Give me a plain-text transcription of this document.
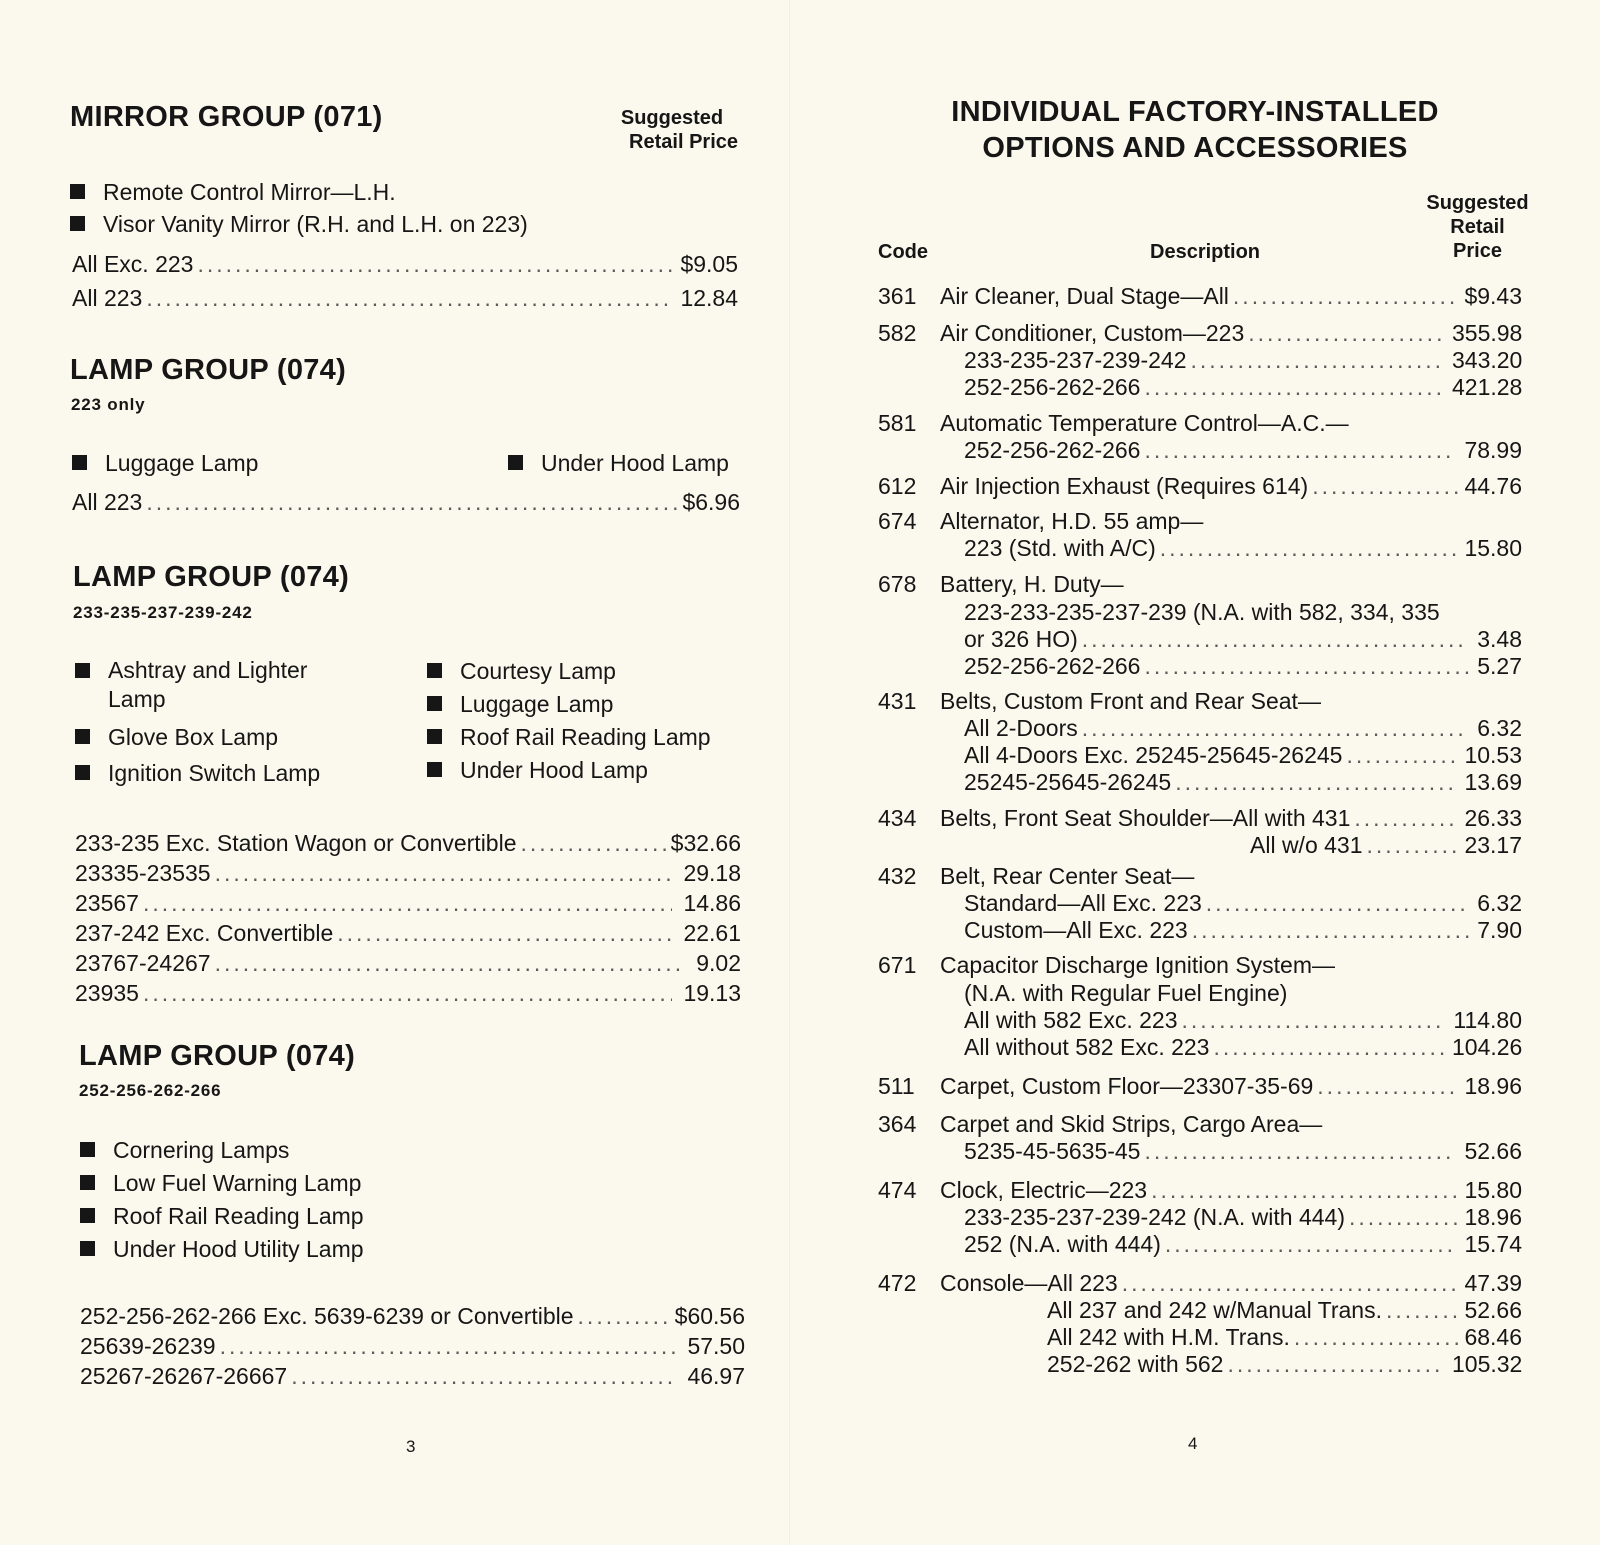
MIRROR GROUP (071)	Suggested
Retail Price
Remote Control Mirror—L.H.
Visor Vanity Mirror (R.H. and L.H. on 223)
All Exc. 223 .....	$ 9.05
All 223 .....	12.84
LAMP GROUP (074)
223 only
Luggage Lamp	Under Hood Lamp
All 223 .....	$ 6.96
LAMP GROUP (074)
233-235-237-239-242
Ashtray and Lighter Lamp
Glove Box Lamp
Ignition Switch Lamp
Courtesy Lamp
Luggage Lamp
Roof Rail Reading Lamp
Under Hood Lamp
233-235 Exc. Station Wagon or Convertible .....	$ 32.66
23335-23535 .....	29.18
23567 .....	14.86
237-242 Exc. Convertible .....	22.61
23767-24267 .....	9.02
23935 .....	19.13
LAMP GROUP (074)
252-256-262-266
Cornering Lamps
Low Fuel Warning Lamp
Roof Rail Reading Lamp
Under Hood Utility Lamp
252-256-262-266 Exc. 5639-6239 or Convertible .....	$ 60.56
25639-26239 .....	57.50
25267-26267-26667 .....	46.97
3
INDIVIDUAL FACTORY-INSTALLED
OPTIONS AND ACCESSORIES
Code	Description
Suggested
Retail
Price
361	Air Cleaner, Dual Stage—All .....	$ 9.43
582	Air Conditioner, Custom—223 .....	355.98
233-235-237-239-242 .....	343.20
252-256-262-266 .....	421.28
581	Automatic Temperature Control—A.C.—
252-256-262-266 .....	78.99
612	Air Injection Exhaust (Requires 614) .....	44.76
674	Alternator, H.D. 55 amp—
223 (Std. with A/C) .....	15.80
678	Battery, H. Duty—
223-233-235-237-239 (N.A. with 582, 334, 335
or 326 HO) .....	3.48
252-256-262-266 .....	5.27
431	Belts, Custom Front and Rear Seat—
All 2-Doors .....	6.32
All 4-Doors Exc. 25245-25645-26245 .....	10.53
25245-25645-26245 .....	13.69
434	Belts, Front Seat Shoulder—All with 431 .....	26.33
All w/o 431 .....	23.17
432	Belt, Rear Center Seat—
Standard—All Exc. 223 .....	6.32
Custom—All Exc. 223 .....	7.90
671	Capacitor Discharge Ignition System—
(N.A. with Regular Fuel Engine)
All with 582 Exc. 223 .....	114.80
All without 582 Exc. 223 .....	104.26
511	Carpet, Custom Floor—23307-35-69 .....	18.96
364	Carpet and Skid Strips, Cargo Area—
5235-45-5635-45 .....	52.66
474	Clock, Electric—223 .....	15.80
233-235-237-239-242 (N.A. with 444) .....	18.96
252 (N.A. with 444) .....	15.74
472	Console—All 223 .....	47.39
All 237 and 242 w/Manual Trans. .....	52.66
All 242 with H.M. Trans. .....	68.46
252-262 with 562 .....	105.32
4
